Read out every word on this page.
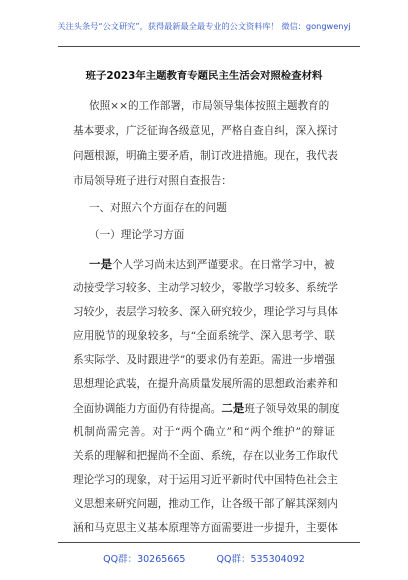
关注头条号“公文研究”，获得最新最全最专业的公文资料库！ 微信：gongwenyj
班子2023年主题教育专题民主生活会对照检查材料
依照××的工作部署，市局领导集体按照主题教育的
基本要求，广泛征询各级意见，严格自查自纠，深入探讨
问题根源，明确主要矛盾，制订改进措施。现在，我代表
市局领导班子进行对照自查报告：
一、对照六个方面存在的问题
（一）理论学习方面
一是个人学习尚未达到严谨要求。在日常学习中，被
动接受学习较多、主动学习较少，零散学习较多、系统学
习较少，表层学习较多、深入研究较少，理论学习与具体
应用脱节的现象较多，与“全面系统学、深入思考学、联
系实际学、及时跟进学”的要求仍有差距。需进一步增强
思想理论武装，在提升高质量发展所需的思想政治素养和
全面协调能力方面仍有待提高。二是班子领导效果的制度
机制尚需完善。对于“两个确立”和“两个维护”的辩证
关系的理解和把握尚不全面、系统，存在以业务工作取代
理论学习的现象，对于运用习近平新时代中国特色社会主
义思想来研究问题，推动工作，让各级干部了解其深刻内
涵和马克思主义基本原理等方面需要进一步提升，主要体
QQ群：30265665	QQ群：535304092
